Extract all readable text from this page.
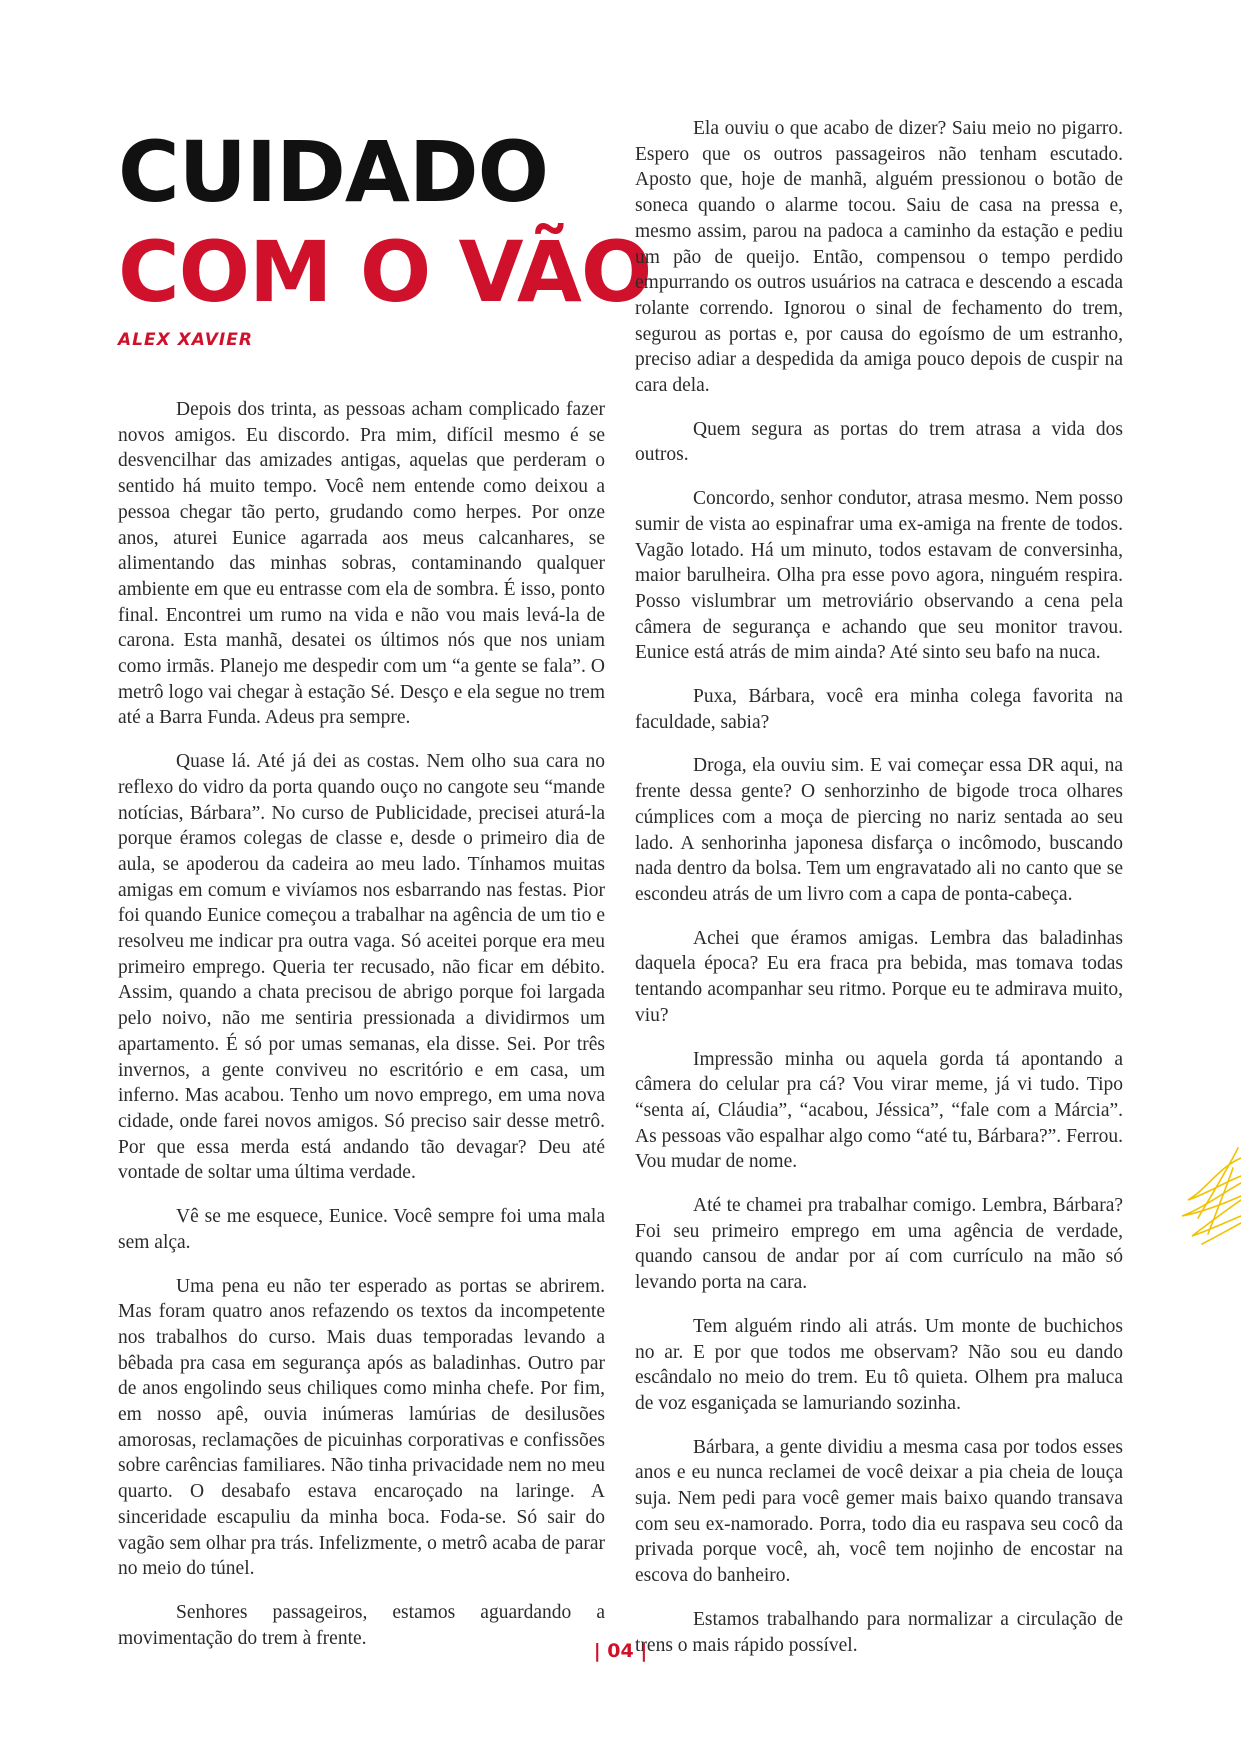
CUIDADO
COM O VÃO
ALEX XAVIER

Depois dos trinta, as pessoas acham complicado fazer novos amigos. Eu discordo. Pra mim, difícil mesmo é se desvencilhar das amizades antigas, aquelas que perderam o sentido há muito tempo. Você nem entende como deixou a pessoa chegar tão perto, grudando como herpes. Por onze anos, aturei Eunice agarrada aos meus calcanhares, se alimentando das minhas sobras, contaminando qualquer ambiente em que eu entrasse com ela de sombra. É isso, ponto final. Encontrei um rumo na vida e não vou mais levá-la de carona. Esta manhã, desatei os últimos nós que nos uniam como irmãs. Planejo me despedir com um “a gente se fala”. O metrô logo vai chegar à estação Sé. Desço e ela segue no trem até a Barra Funda. Adeus pra sempre.

Quase lá. Até já dei as costas. Nem olho sua cara no reflexo do vidro da porta quando ouço no cangote seu “mande notícias, Bárbara”. No curso de Publicidade, precisei aturá-la porque éramos colegas de classe e, desde o primeiro dia de aula, se apoderou da cadeira ao meu lado. Tínhamos muitas amigas em comum e vivíamos nos esbarrando nas festas. Pior foi quando Eunice começou a trabalhar na agência de um tio e resolveu me indicar pra outra vaga. Só aceitei porque era meu primeiro emprego. Queria ter recusado, não ficar em débito. Assim, quando a chata precisou de abrigo porque foi largada pelo noivo, não me sentiria pressionada a dividirmos um apartamento. É só por umas semanas, ela disse. Sei. Por três invernos, a gente conviveu no escritório e em casa, um inferno. Mas acabou. Tenho um novo emprego, em uma nova cidade, onde farei novos amigos. Só preciso sair desse metrô. Por que essa merda está andando tão devagar? Deu até vontade de soltar uma última verdade.

Vê se me esquece, Eunice. Você sempre foi uma mala sem alça.

Uma pena eu não ter esperado as portas se abrirem. Mas foram quatro anos refazendo os textos da incompetente nos trabalhos do curso. Mais duas temporadas levando a bêbada pra casa em segurança após as baladinhas. Outro par de anos engolindo seus chiliques como minha chefe. Por fim, em nosso apê, ouvia inúmeras lamúrias de desilusões amorosas, reclamações de picuinhas corporativas e confissões sobre carências familiares. Não tinha privacidade nem no meu quarto. O desabafo estava encaroçado na laringe. A sinceridade escapuliu da minha boca. Foda-se. Só sair do vagão sem olhar pra trás. Infelizmente, o metrô acaba de parar no meio do túnel.

Senhores passageiros, estamos aguardando a movimentação do trem à frente.

Ela ouviu o que acabo de dizer? Saiu meio no pigarro. Espero que os outros passageiros não tenham escutado. Aposto que, hoje de manhã, alguém pressionou o botão de soneca quando o alarme tocou. Saiu de casa na pressa e, mesmo assim, parou na padoca a caminho da estação e pediu um pão de queijo. Então, compensou o tempo perdido empurrando os outros usuários na catraca e descendo a escada rolante correndo. Ignorou o sinal de fechamento do trem, segurou as portas e, por causa do egoísmo de um estranho, preciso adiar a despedida da amiga pouco depois de cuspir na cara dela.

Quem segura as portas do trem atrasa a vida dos outros.

Concordo, senhor condutor, atrasa mesmo. Nem posso sumir de vista ao espinafrar uma ex-amiga na frente de todos. Vagão lotado. Há um minuto, todos estavam de conversinha, maior barulheira. Olha pra esse povo agora, ninguém respira. Posso vislumbrar um metroviário observando a cena pela câmera de segurança e achando que seu monitor travou. Eunice está atrás de mim ainda? Até sinto seu bafo na nuca.

Puxa, Bárbara, você era minha colega favorita na faculdade, sabia?

Droga, ela ouviu sim. E vai começar essa DR aqui, na frente dessa gente? O senhorzinho de bigode troca olhares cúmplices com a moça de piercing no nariz sentada ao seu lado. A senhorinha japonesa disfarça o incômodo, buscando nada dentro da bolsa. Tem um engravatado ali no canto que se escondeu atrás de um livro com a capa de ponta-cabeça.

Achei que éramos amigas. Lembra das baladinhas daquela época? Eu era fraca pra bebida, mas tomava todas tentando acompanhar seu ritmo. Porque eu te admirava muito, viu?

Impressão minha ou aquela gorda tá apontando a câmera do celular pra cá? Vou virar meme, já vi tudo. Tipo “senta aí, Cláudia”, “acabou, Jéssica”, “fale com a Márcia”. As pessoas vão espalhar algo como “até tu, Bárbara?”. Ferrou. Vou mudar de nome.

Até te chamei pra trabalhar comigo. Lembra, Bárbara? Foi seu primeiro emprego em uma agência de verdade, quando cansou de andar por aí com currículo na mão só levando porta na cara.

Tem alguém rindo ali atrás. Um monte de buchichos no ar. E por que todos me observam? Não sou eu dando escândalo no meio do trem. Eu tô quieta. Olhem pra maluca de voz esganiçada se lamuriando sozinha.

Bárbara, a gente dividiu a mesma casa por todos esses anos e eu nunca reclamei de você deixar a pia cheia de louça suja. Nem pedi para você gemer mais baixo quando transava com seu ex-namorado. Porra, todo dia eu raspava seu cocô da privada porque você, ah, você tem nojinho de encostar na escova do banheiro.

Estamos trabalhando para normalizar a circulação de trens o mais rápido possível.

| 04 |
